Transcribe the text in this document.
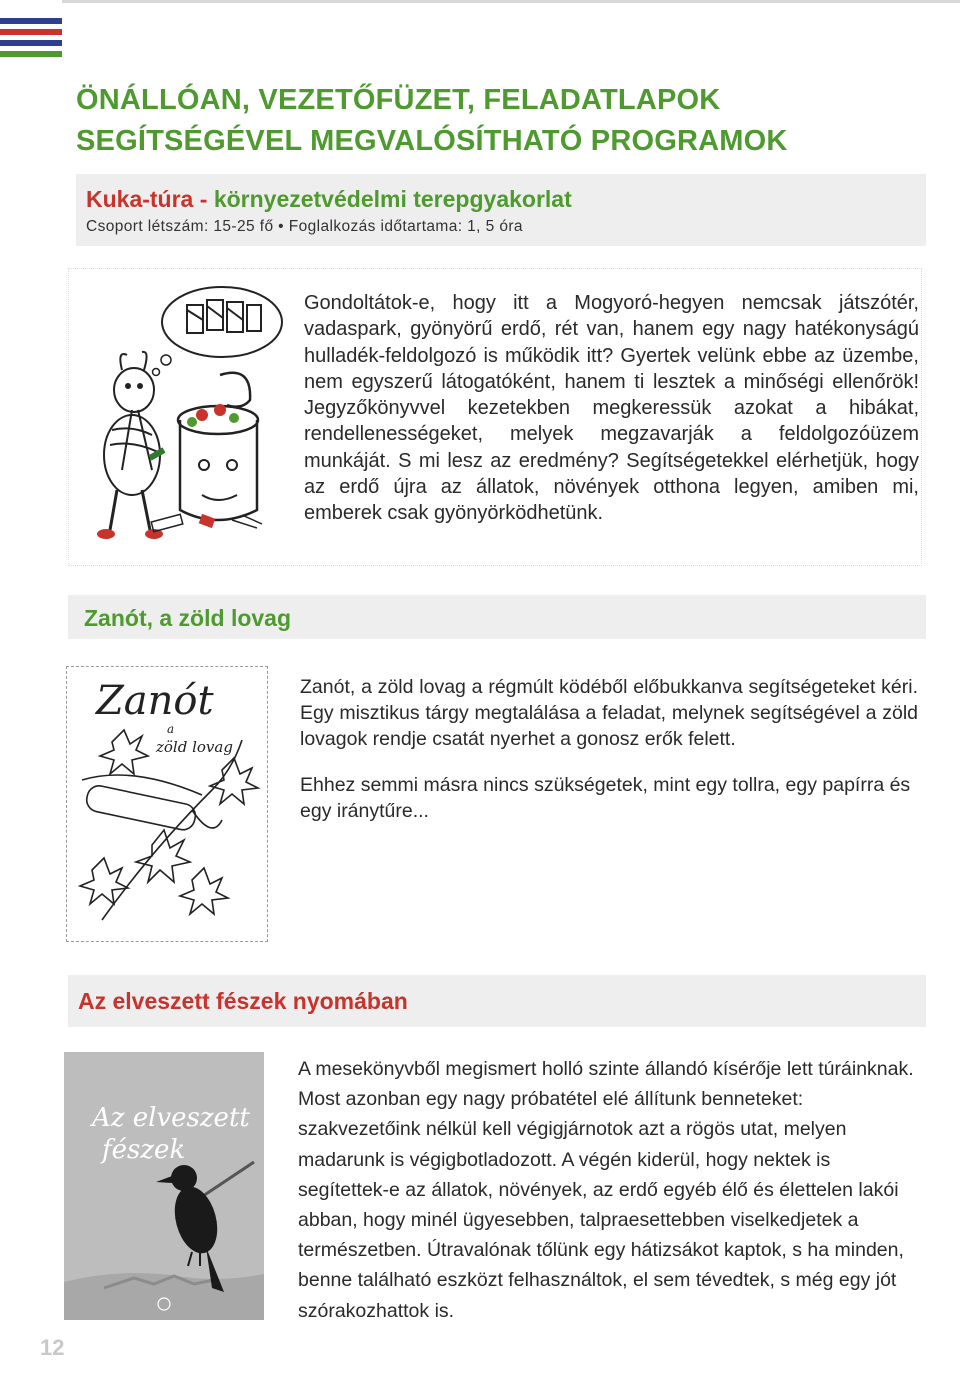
ÖNÁLLÓAN, VEZETŐFÜZET, FELADATLAPOK
SEGÍTSÉGÉVEL MEGVALÓSÍTHATÓ PROGRAMOK
Kuka-túra - környezetvédelmi terepgyakorlat
Csoport létszám: 15-25 fő • Foglalkozás időtartama: 1, 5 óra
Gondoltátok-e, hogy itt a Mogyoró-hegyen nemcsak játszótér, vadaspark, gyönyörű erdő, rét van, hanem egy nagy hatékonyságú hulladék-feldolgozó is működik itt? Gyertek velünk ebbe az üzembe, nem egyszerű látogatóként, hanem ti lesztek a minőségi ellenőrök! Jegyzőkönyvvel kezetekben megkeressük azokat a hibákat, rendellenességeket, melyek megzavarják a feldolgozóüzem munkáját. S mi lesz az eredmény? Segítségetekkel elérhetjük, hogy az erdő újra az állatok, növények otthona legyen, amiben mi, emberek csak gyönyörködhetünk.
Zanót, a zöld lovag
Zanót
a
zöld lovag

Zanót, a zöld lovag a régmúlt ködéből előbukkanva segítségeteket kéri. Egy misztikus tárgy megtalálása a feladat, melynek segítségével a zöld lovagok rendje csatát nyerhet a gonosz erők felett.

Ehhez semmi másra nincs szükségetek, mint egy tollra, egy papírra és egy iránytűre...

Az elveszett fészek nyomában
Az elveszett
fészek
A mesekönyvből megismert holló szinte állandó kísérője lett túráinknak. Most azonban egy nagy próbatétel elé állítunk benneteket: szakvezetőink nélkül kell végigjárnotok azt a rögös utat, melyen madarunk is végigbotladozott. A végén kiderül, hogy nektek is segítettek-e az állatok, növények, az erdő egyéb élő és élettelen lakói abban, hogy minél ügyesebben, talpraesettebben viselkedjetek a természetben. Útravalónak tőlünk egy hátizsákot kaptok, s ha minden, benne található eszközt felhasználtok, el sem tévedtek, s még egy jót szórakozhattok is.
12
